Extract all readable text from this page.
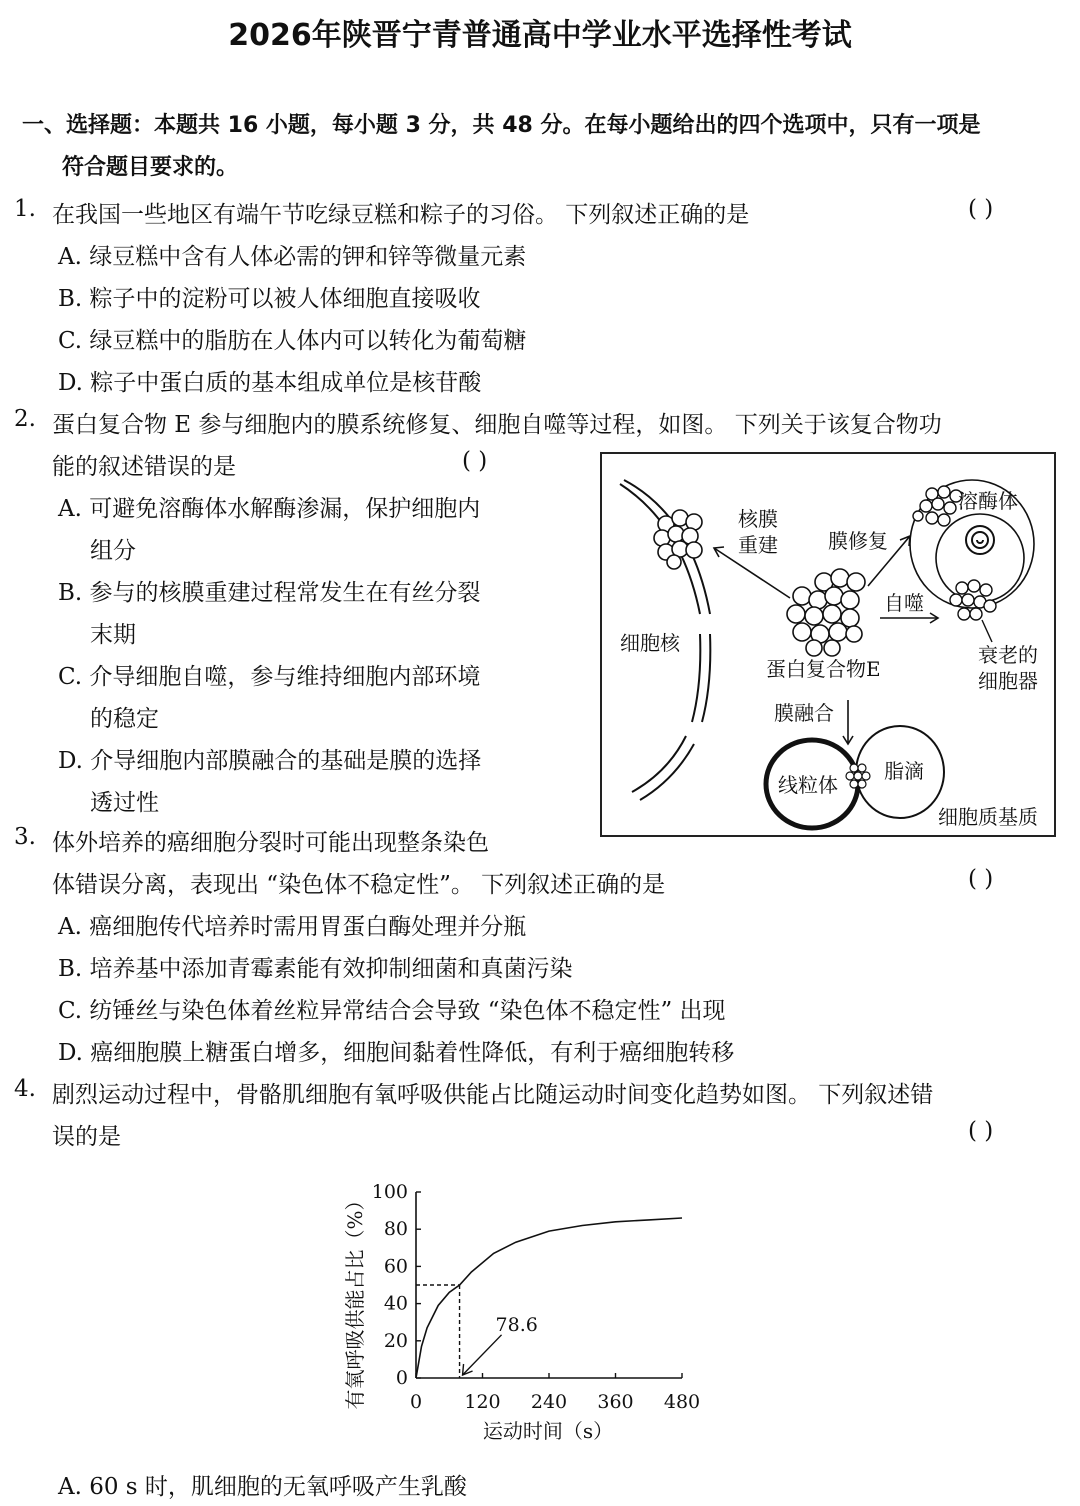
2026年陕晋宁青普通高中学业水平选择性考试
一、选择题：本题共 16 小题，每小题 3 分，共 48 分。在每小题给出的四个选项中，只有一项是
符合题目要求的。
1. 在我国一些地区有端午节吃绿豆糕和粽子的习俗。 下列叙述正确的是	( )
A. 绿豆糕中含有人体必需的钾和锌等微量元素
B. 粽子中的淀粉可以被人体细胞直接吸收
C. 绿豆糕中的脂肪在人体内可以转化为葡萄糖
D. 粽子中蛋白质的基本组成单位是核苷酸
2. 蛋白复合物 E 参与细胞内的膜系统修复、细胞自噬等过程，如图。 下列关于该复合物功
能的叙述错误的是	( )
A. 可避免溶酶体水解酶渗漏，保护细胞内
组分
B. 参与的核膜重建过程常发生在有丝分裂
末期
C. 介导细胞自噬，参与维持细胞内部环境
的稳定
D. 介导细胞内部膜融合的基础是膜的选择
透过性
细胞核
核膜
重建	膜修复
溶酶体
自噬
衰老的
细胞器
蛋白复合物E
膜融合
线粒体
脂滴
细胞质基质
3. 体外培养的癌细胞分裂时可能出现整条染色
体错误分离，表现出 “染色体不稳定性”。 下列叙述正确的是	( )
A. 癌细胞传代培养时需用胃蛋白酶处理并分瓶
B. 培养基中添加青霉素能有效抑制细菌和真菌污染
C. 纺锤丝与染色体着丝粒异常结合会导致 “染色体不稳定性” 出现
D. 癌细胞膜上糖蛋白增多，细胞间黏着性降低，有利于癌细胞转移
4. 剧烈运动过程中，骨骼肌细胞有氧呼吸供能占比随运动时间变化趋势如图。 下列叙述错
误的是	( )
0
20
40
60
80
100
0 120 240 360 480
78.6
有氧呼吸供能占比（%）
运动时间（s）
A. 60 s 时，肌细胞的无氧呼吸产生乳酸
